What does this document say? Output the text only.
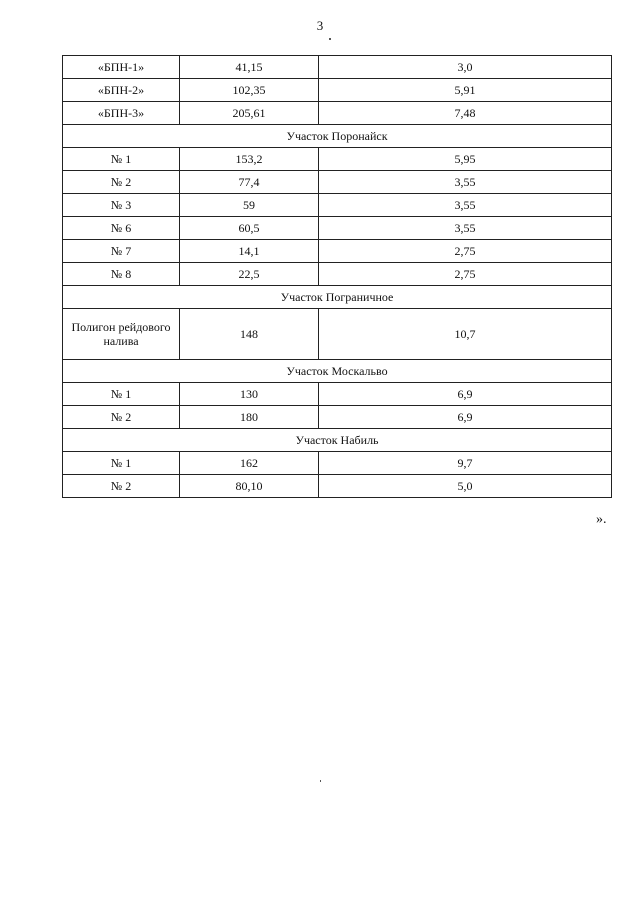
3
«БПН-1»	41,15	3,0
«БПН-2»	102,35	5,91
«БПН-3»	205,61	7,48
Участок Поронайск		
№ 1	153,2	5,95
№ 2	77,4	3,55
№ 3	59	3,55
№ 6	60,5	3,55
№ 7	14,1	2,75
№ 8	22,5	2,75
Участок Пограничное		
Полигон рейдового налива	148	10,7
Участок Москальво		
№ 1	130	6,9
№ 2	180	6,9
Участок Набиль		
№ 1	162	9,7
№ 2	80,10	5,0
».
